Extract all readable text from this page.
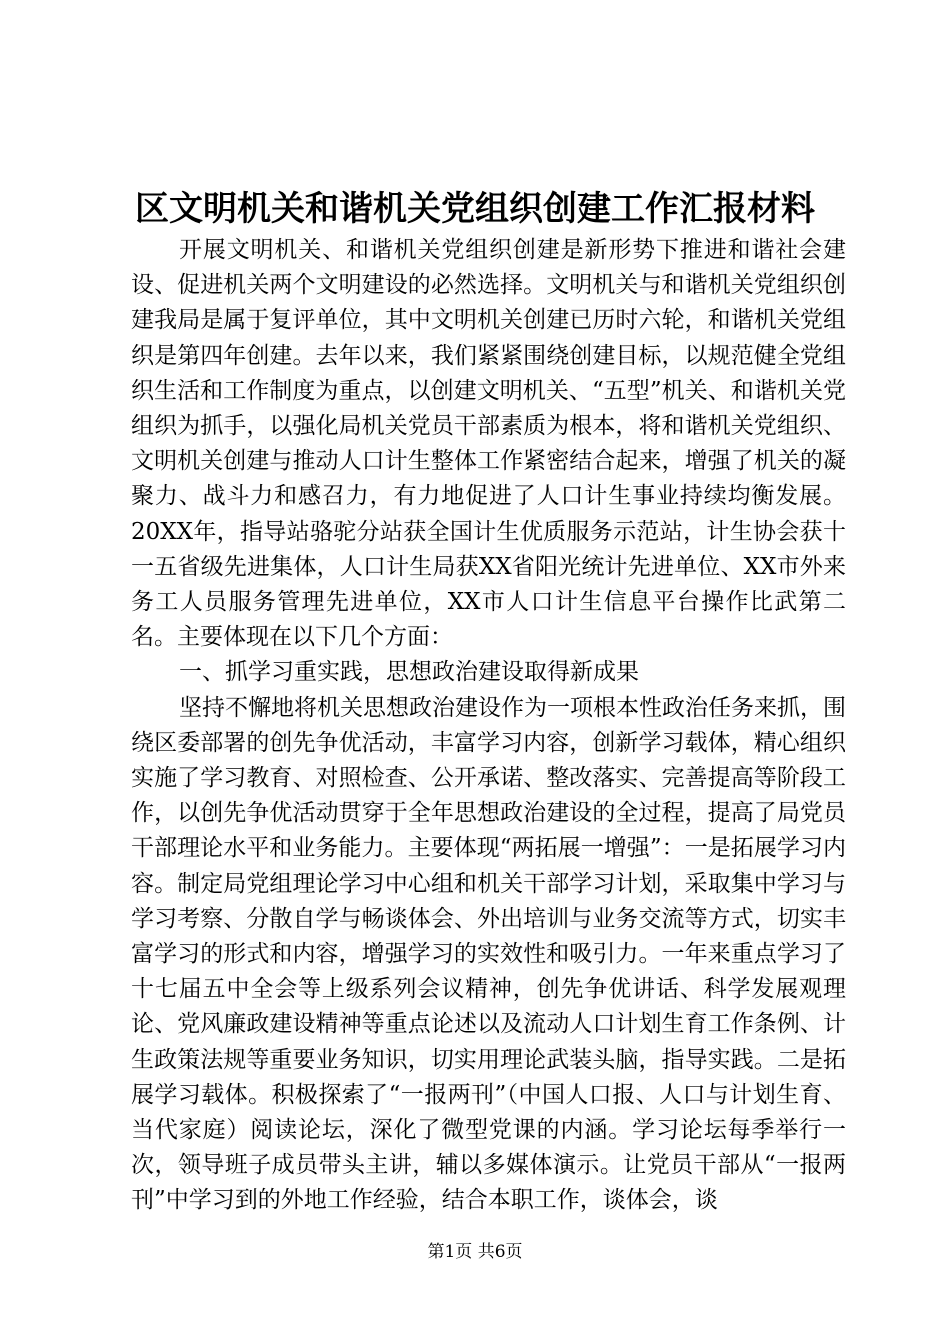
区文明机关和谐机关党组织创建工作汇报材料

开展文明机关、和谐机关党组织创建是新形势下推进和谐社会建设、促进机关两个文明建设的必然选择。文明机关与和谐机关党组织创建我局是属于复评单位，其中文明机关创建已历时六轮，和谐机关党组织是第四年创建。去年以来，我们紧紧围绕创建目标，以规范健全党组织生活和工作制度为重点，以创建文明机关、“五型”机关、和谐机关党组织为抓手，以强化局机关党员干部素质为根本，将和谐机关党组织、文明机关创建与推动人口计生整体工作紧密结合起来，增强了机关的凝聚力、战斗力和感召力，有力地促进了人口计生事业持续均衡发展。20XX年，指导站骆驼分站获全国计生优质服务示范站，计生协会获十一五省级先进集体，人口计生局获XX省阳光统计先进单位、XX市外来务工人员服务管理先进单位，XX市人口计生信息平台操作比武第二名。主要体现在以下几个方面：

一、抓学习重实践，思想政治建设取得新成果

坚持不懈地将机关思想政治建设作为一项根本性政治任务来抓，围绕区委部署的创先争优活动，丰富学习内容，创新学习载体，精心组织实施了学习教育、对照检查、公开承诺、整改落实、完善提高等阶段工作，以创先争优活动贯穿于全年思想政治建设的全过程，提高了局党员干部理论水平和业务能力。主要体现“两拓展一增强”：一是拓展学习内容。制定局党组理论学习中心组和机关干部学习计划，采取集中学习与学习考察、分散自学与畅谈体会、外出培训与业务交流等方式，切实丰富学习的形式和内容，增强学习的实效性和吸引力。一年来重点学习了十七届五中全会等上级系列会议精神，创先争优讲话、科学发展观理论、党风廉政建设精神等重点论述以及流动人口计划生育工作条例、计生政策法规等重要业务知识，切实用理论武装头脑，指导实践。二是拓展学习载体。积极探索了“一报两刊”（中国人口报、人口与计划生育、当代家庭）阅读论坛，深化了微型党课的内涵。学习论坛每季举行一次，领导班子成员带头主讲，辅以多媒体演示。让党员干部从“一报两刊”中学习到的外地工作经验，结合本职工作，谈体会，谈

第1页 共6页
